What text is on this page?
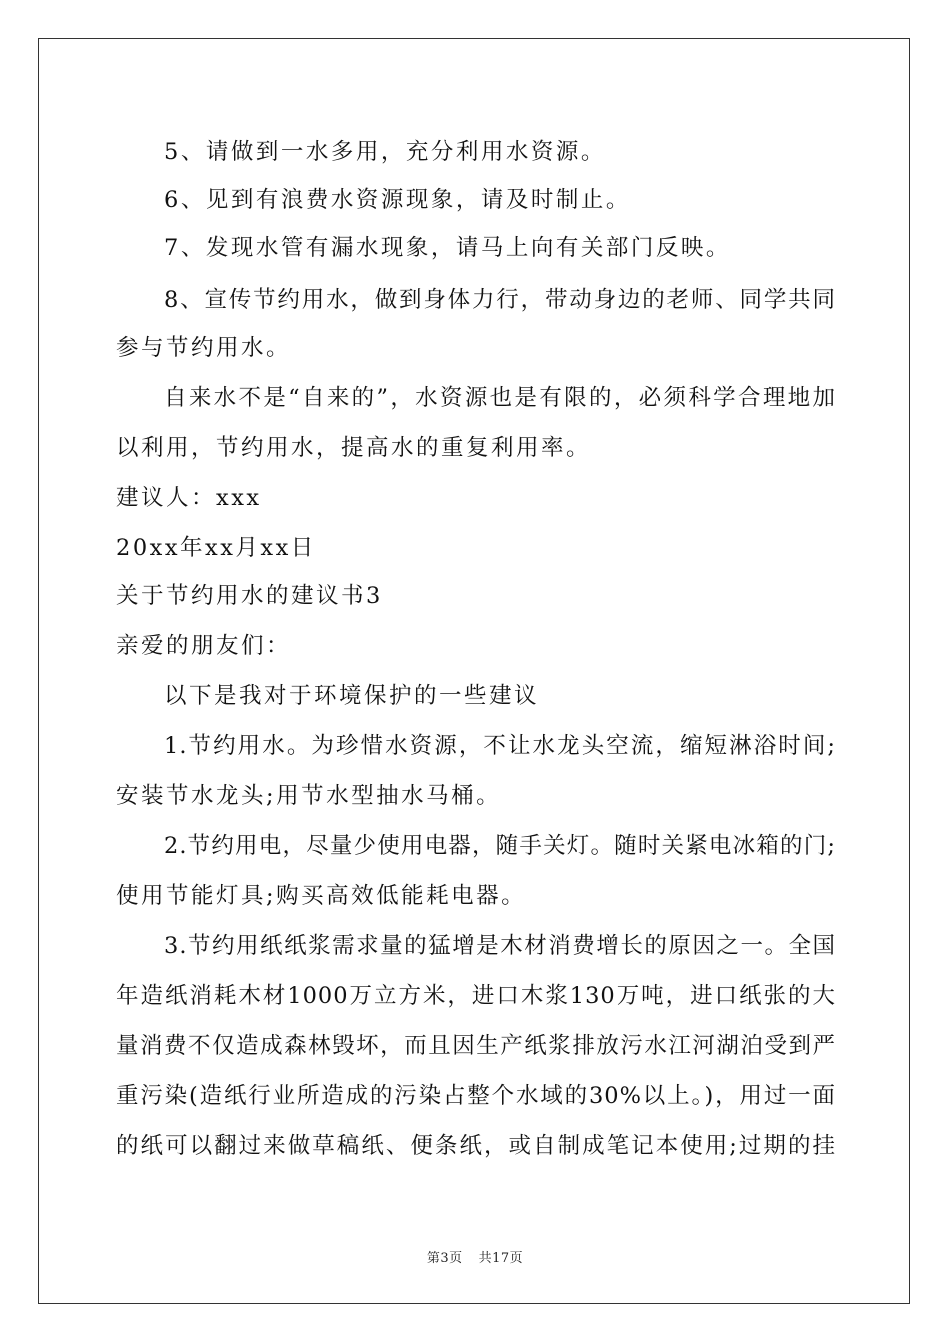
5、请做到一水多用，充分利用水资源。
6、见到有浪费水资源现象，请及时制止。
7、发现水管有漏水现象，请马上向有关部门反映。
8、宣传节约用水，做到身体力行，带动身边的老师、同学共同
参与节约用水。
自来水不是“自来的”，水资源也是有限的，必须科学合理地加
以利用，节约用水，提高水的重复利用率。
建议人：xxx
20xx年xx月xx日
关于节约用水的建议书3
亲爱的朋友们：
以下是我对于环境保护的一些建议
1.节约用水。为珍惜水资源，不让水龙头空流，缩短淋浴时间;
安装节水龙头;用节水型抽水马桶。
2.节约用电，尽量少使用电器，随手关灯。随时关紧电冰箱的门;
使用节能灯具;购买高效低能耗电器。
3.节约用纸纸浆需求量的猛增是木材消费增长的原因之一。全国
年造纸消耗木材1000万立方米，进口木浆130万吨，进口纸张的大
量消费不仅造成森林毁坏，而且因生产纸浆排放污水江河湖泊受到严
重污染(造纸行业所造成的污染占整个水域的30%以上。)，用过一面
的纸可以翻过来做草稿纸、便条纸，或自制成笔记本使用;过期的挂
第3页 共17页
